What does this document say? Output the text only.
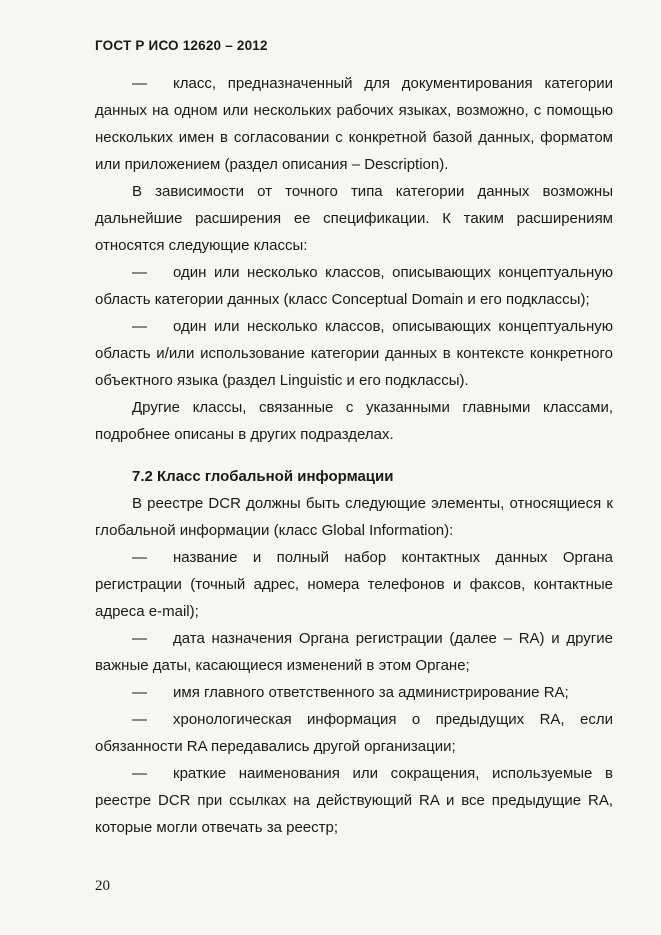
ГОСТ Р ИСО 12620 – 2012

— класс, предназначенный для документирования категории данных на одном или нескольких рабочих языках, возможно, с помощью нескольких имен в согласовании с конкретной базой данных, форматом или приложением (раздел описания – Description).

В зависимости от точного типа категории данных возможны дальнейшие расширения ее спецификации. К таким расширениям относятся следующие классы:

— один или несколько классов, описывающих концептуальную область категории данных (класс Conceptual Domain и его подклассы);

— один или несколько классов, описывающих концептуальную область и/или использование категории данных в контексте конкретного объектного языка (раздел Linguistic и его подклассы).

Другие классы, связанные с указанными главными классами, подробнее описаны в других подразделах.

7.2 Класс глобальной информации

В реестре DCR должны быть следующие элементы, относящиеся к глобальной информации (класс Global Information):

— название и полный набор контактных данных Органа регистрации (точный адрес, номера телефонов и факсов, контактные адреса e-mail);

— дата назначения Органа регистрации (далее – RA) и другие важные даты, касающиеся изменений в этом Органе;

— имя главного ответственного за администрирование RA;

— хронологическая информация о предыдущих RA, если обязанности RA передавались другой организации;

— краткие наименования или сокращения, используемые в реестре DCR при ссылках на действующий RA и все предыдущие RA, которые могли отвечать за реестр;

20
